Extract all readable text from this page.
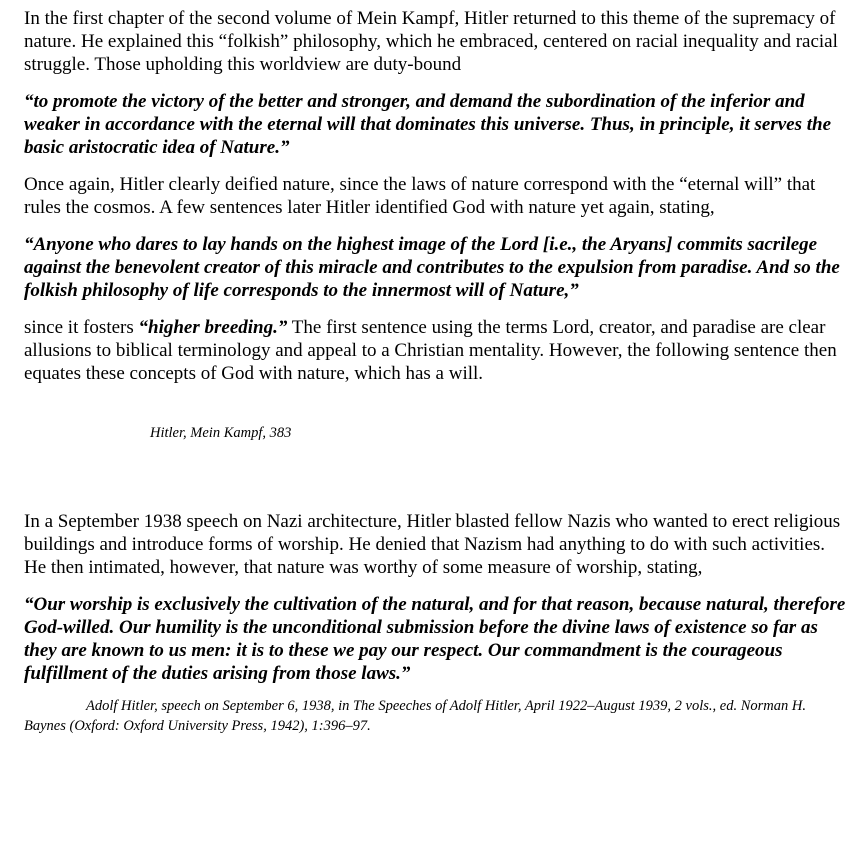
In the first chapter of the second volume of Mein Kampf, Hitler returned to this theme of the supremacy of nature. He explained this “folkish” philosophy, which he embraced, centered on racial inequality and racial struggle. Those upholding this worldview are duty-bound

“to promote the victory of the better and stronger, and demand the subordination of the inferior and weaker in accordance with the eternal will that dominates this universe. Thus, in principle, it serves the basic aristocratic idea of Nature.”

Once again, Hitler clearly deified nature, since the laws of nature correspond with the “eternal will” that rules the cosmos. A few sentences later Hitler identified God with nature yet again, stating,

“Anyone who dares to lay hands on the highest image of the Lord [i.e., the Aryans] commits sacrilege against the benevolent creator of this miracle and contributes to the expulsion from paradise. And so the folkish philosophy of life corresponds to the innermost will of Nature,”

since it fosters “higher breeding.” The first sentence using the terms Lord, creator, and paradise are clear allusions to biblical terminology and appeal to a Christian mentality. However, the following sentence then equates these concepts of God with nature, which has a will.

Hitler, Mein Kampf, 383

In a September 1938 speech on Nazi architecture, Hitler blasted fellow Nazis who wanted to erect religious buildings and introduce forms of worship. He denied that Nazism had anything to do with such activities. He then intimated, however, that nature was worthy of some measure of worship, stating,

“Our worship is exclusively the cultivation of the natural, and for that reason, because natural, therefore God-willed. Our humility is the unconditional submission before the divine laws of existence so far as they are known to us men: it is to these we pay our respect. Our commandment is the courageous fulfillment of the duties arising from those laws.”

Adolf Hitler, speech on September 6, 1938, in The Speeches of Adolf Hitler, April 1922–August 1939, 2 vols., ed. Norman H. Baynes (Oxford: Oxford University Press, 1942), 1:396–97.
